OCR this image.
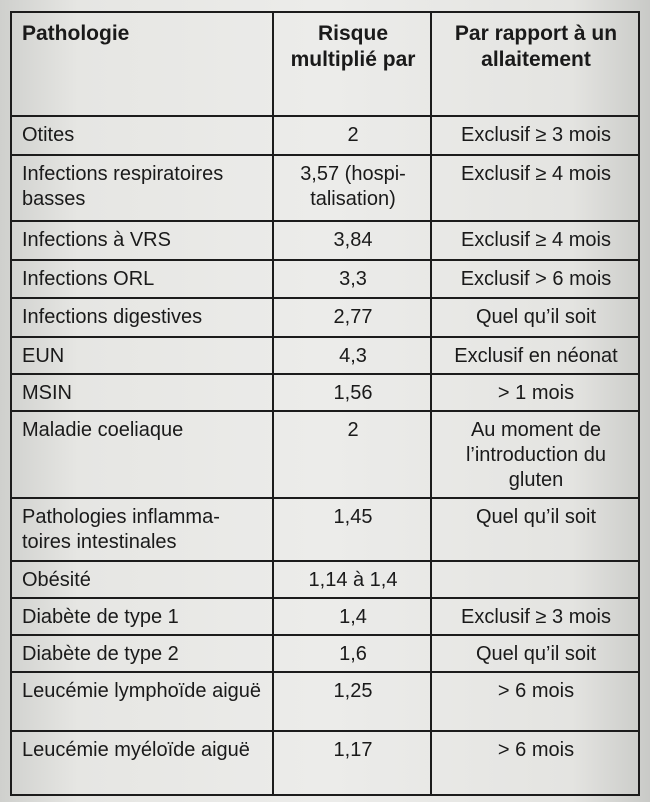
Pathologie	Risque multiplié par	Par rapport à un allaitement
Otites	2	Exclusif ≥ 3 mois
Infections respiratoires basses	3,57 (hospi-talisation)	Exclusif ≥ 4 mois
Infections à VRS	3,84	Exclusif ≥ 4 mois
Infections ORL	3,3	Exclusif > 6 mois
Infections digestives	2,77	Quel qu’il soit
EUN	4,3	Exclusif en néonat
MSIN	1,56	> 1 mois
Maladie coeliaque	2	Au moment de l’introduction du gluten
Pathologies inflamma-toires intestinales	1,45	Quel qu’il soit
Obésité	1,14 à 1,4	
Diabète de type 1	1,4	Exclusif ≥ 3 mois
Diabète de type 2	1,6	Quel qu’il soit
Leucémie lymphoïde aiguë	1,25	> 6 mois
Leucémie myéloïde aiguë	1,17	> 6 mois
